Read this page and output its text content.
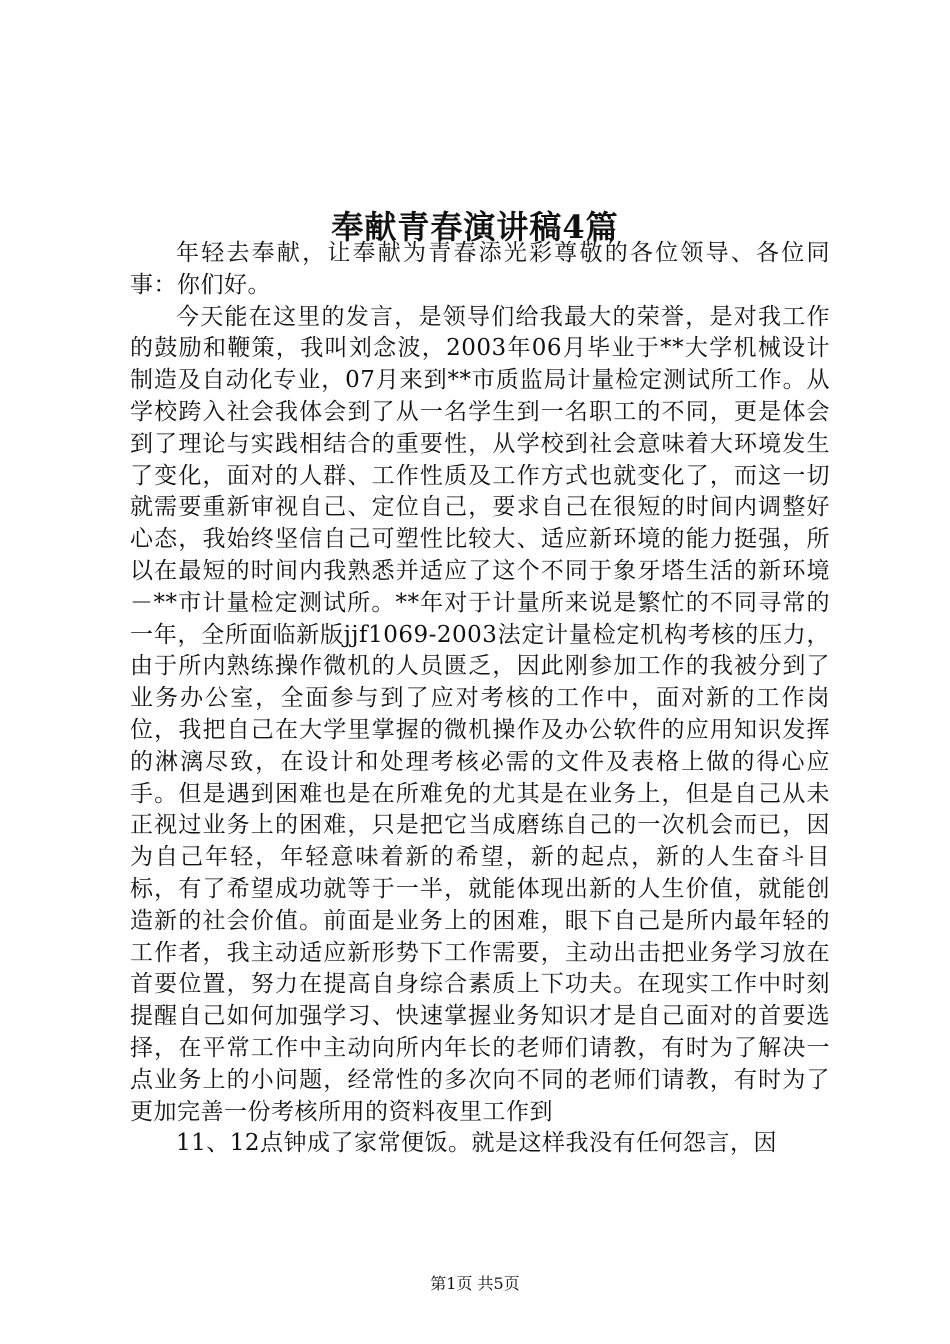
奉献青春演讲稿4篇

年轻去奉献，让奉献为青春添光彩尊敬的各位领导、各位同事：你们好。

今天能在这里的发言，是领导们给我最大的荣誉，是对我工作的鼓励和鞭策，我叫刘念波，2003年06月毕业于**大学机械设计制造及自动化专业，07月来到**市质监局计量检定测试所工作。从学校跨入社会我体会到了从一名学生到一名职工的不同，更是体会到了理论与实践相结合的重要性，从学校到社会意味着大环境发生了变化，面对的人群、工作性质及工作方式也就变化了，而这一切就需要重新审视自己、定位自己，要求自己在很短的时间内调整好心态，我始终坚信自己可塑性比较大、适应新环境的能力挺强，所以在最短的时间内我熟悉并适应了这个不同于象牙塔生活的新环境－**市计量检定测试所。**年对于计量所来说是繁忙的不同寻常的一年，全所面临新版jjf1069-2003法定计量检定机构考核的压力，由于所内熟练操作微机的人员匮乏，因此刚参加工作的我被分到了业务办公室，全面参与到了应对考核的工作中，面对新的工作岗位，我把自己在大学里掌握的微机操作及办公软件的应用知识发挥的淋漓尽致，在设计和处理考核必需的文件及表格上做的得心应手。但是遇到困难也是在所难免的尤其是在业务上，但是自己从未正视过业务上的困难，只是把它当成磨练自己的一次机会而已，因为自己年轻，年轻意味着新的希望，新的起点，新的人生奋斗目标，有了希望成功就等于一半，就能体现出新的人生价值，就能创造新的社会价值。前面是业务上的困难，眼下自己是所内最年轻的工作者，我主动适应新形势下工作需要，主动出击把业务学习放在首要位置，努力在提高自身综合素质上下功夫。在现实工作中时刻提醒自己如何加强学习、快速掌握业务知识才是自己面对的首要选择，在平常工作中主动向所内年长的老师们请教，有时为了解决一点业务上的小问题，经常性的多次向不同的老师们请教，有时为了更加完善一份考核所用的资料夜里工作到

11、12点钟成了家常便饭。就是这样我没有任何怨言，因

第1页 共5页
